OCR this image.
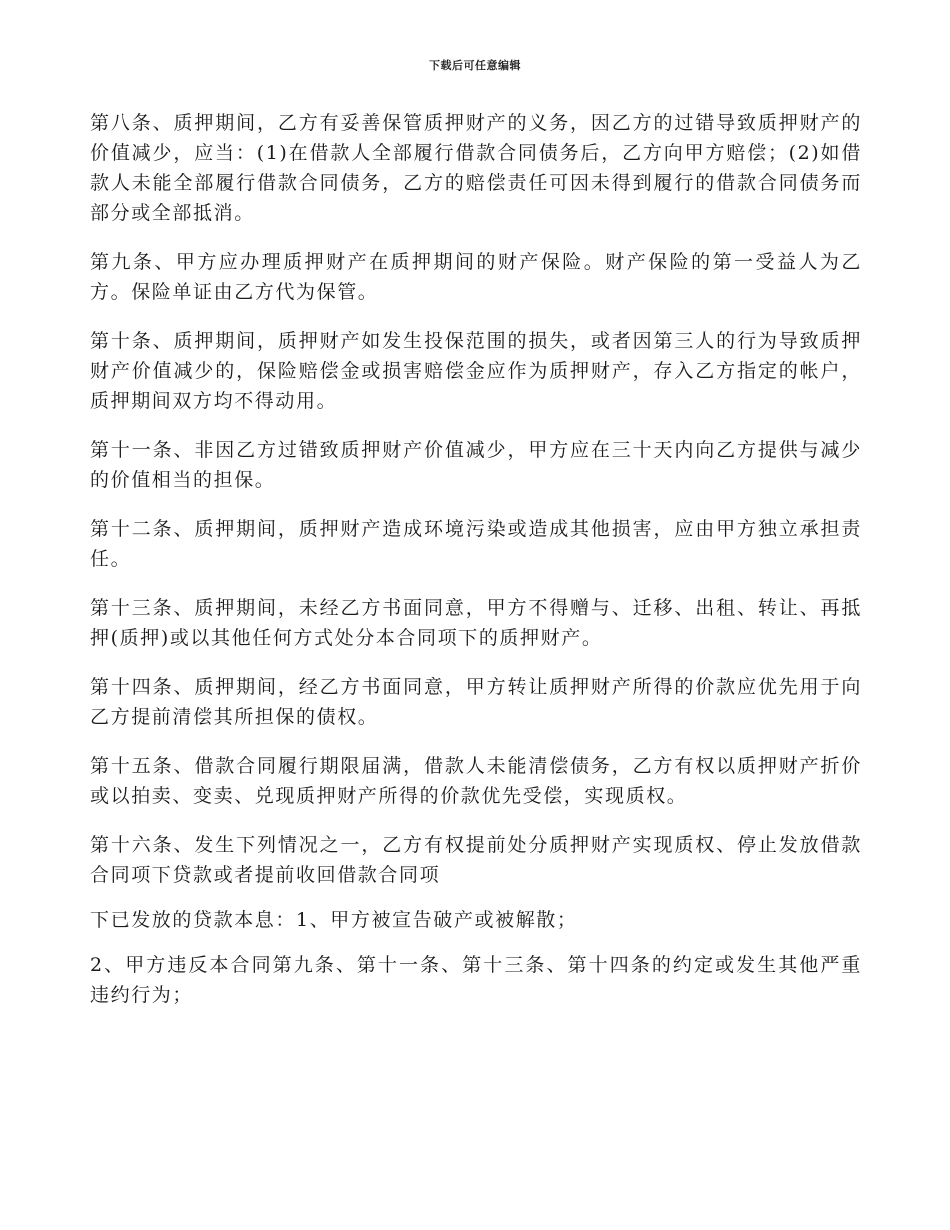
下载后可任意编辑

第八条、质押期间，乙方有妥善保管质押财产的义务，因乙方的过错导致质押财产的价值减少，应当：(1)在借款人全部履行借款合同债务后，乙方向甲方赔偿；(2)如借款人未能全部履行借款合同债务，乙方的赔偿责任可因未得到履行的借款合同债务而部分或全部抵消。

第九条、甲方应办理质押财产在质押期间的财产保险。财产保险的第一受益人为乙方。保险单证由乙方代为保管。

第十条、质押期间，质押财产如发生投保范围的损失，或者因第三人的行为导致质押财产价值减少的，保险赔偿金或损害赔偿金应作为质押财产，存入乙方指定的帐户，质押期间双方均不得动用。

第十一条、非因乙方过错致质押财产价值减少，甲方应在三十天内向乙方提供与减少的价值相当的担保。

第十二条、质押期间，质押财产造成环境污染或造成其他损害，应由甲方独立承担责任。

第十三条、质押期间，未经乙方书面同意，甲方不得赠与、迁移、出租、转让、再抵押(质押)或以其他任何方式处分本合同项下的质押财产。

第十四条、质押期间，经乙方书面同意，甲方转让质押财产所得的价款应优先用于向乙方提前清偿其所担保的债权。

第十五条、借款合同履行期限届满，借款人未能清偿债务，乙方有权以质押财产折价或以拍卖、变卖、兑现质押财产所得的价款优先受偿，实现质权。

第十六条、发生下列情况之一，乙方有权提前处分质押财产实现质权、停止发放借款合同项下贷款或者提前收回借款合同项

下已发放的贷款本息：1、甲方被宣告破产或被解散；

2、甲方违反本合同第九条、第十一条、第十三条、第十四条的约定或发生其他严重违约行为；
